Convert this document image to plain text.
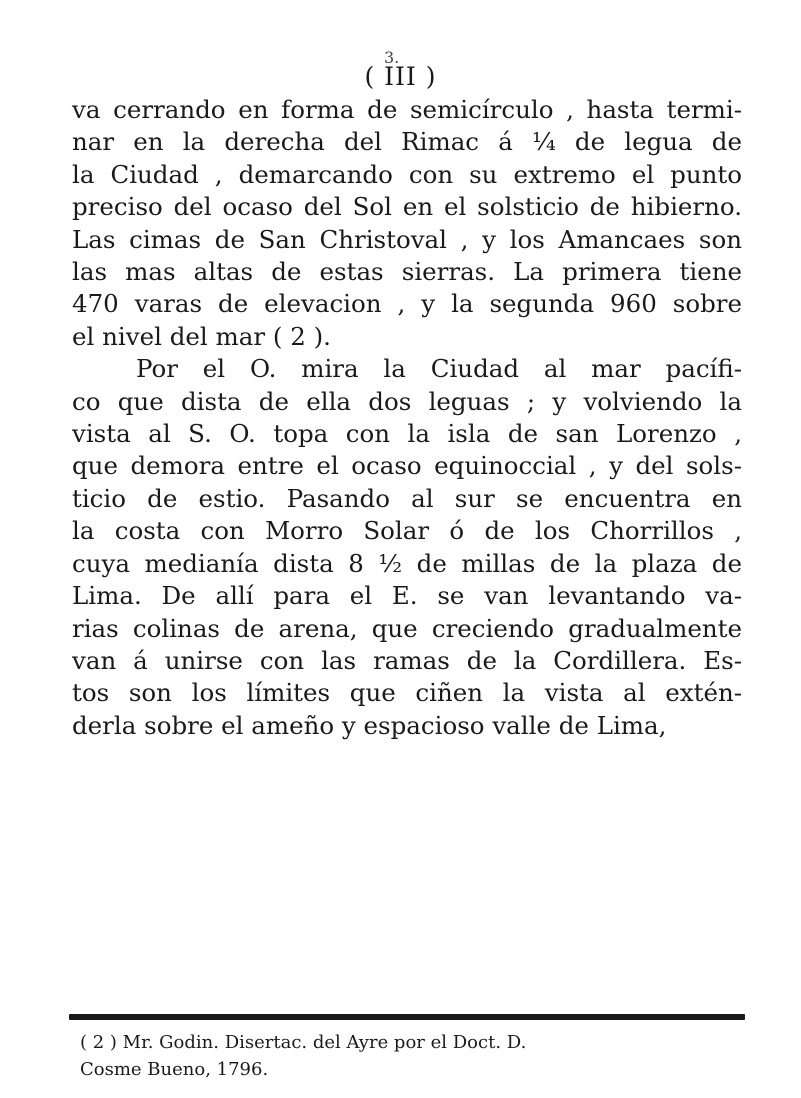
3.
( III )
va cerrando en forma de semicírculo , hasta termi-
nar en la derecha del Rimac á ¼ de legua de
la Ciudad , demarcando con su extremo el punto
preciso del ocaso del Sol en el solsticio de hibierno.
Las cimas de San Christoval , y los Amancaes son
las mas altas de estas sierras. La primera tiene
470 varas de elevacion , y la segunda 960 sobre
el nivel del mar ( 2 ).
Por el O. mira la Ciudad al mar pacífi-
co que dista de ella dos leguas ; y volviendo la
vista al S. O. topa con la isla de san Lorenzo ,
que demora entre el ocaso equinoccial , y del sols-
ticio de estio. Pasando al sur se encuentra en
la costa con Morro Solar ó de los Chorrillos ,
cuya medianía dista 8 ½ de millas de la plaza de
Lima. De allí para el E. se van levantando va-
rias colinas de arena, que creciendo gradualmente
van á unirse con las ramas de la Cordillera. Es-
tos son los límites que ciñen la vista al extén-
derla sobre el ameño y espacioso valle de Lima,
( 2 ) Mr. Godin. Disertac. del Ayre por el Doct. D.
Cosme Bueno, 1796.
